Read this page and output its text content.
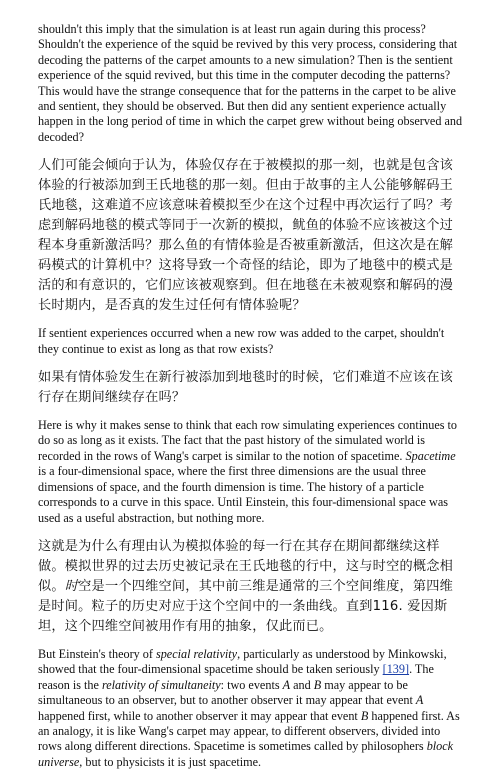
shouldn't this imply that the simulation is at least run again during this process? Shouldn't the experience of the squid be revived by this very process, considering that decoding the patterns of the carpet amounts to a new simulation? Then is the sentient experience of the squid revived, but this time in the computer decoding the patterns? This would have the strange consequence that for the patterns in the carpet to be alive and sentient, they should be observed. But then did any sentient experience actually happen in the long period of time in which the carpet grew without being observed and decoded?

人们可能会倾向于认为，体验仅存在于被模拟的那一刻，也就是包含该体验的行被添加到王氏地毯的那一刻。但由于故事的主人公能够解码王氏地毯，这难道不应该意味着模拟至少在这个过程中再次运行了吗？考虑到解码地毯的模式等同于一次新的模拟，鱿鱼的体验不应该被这个过程本身重新激活吗？那么鱼的有情体验是否被重新激活，但这次是在解码模式的计算机中？这将导致一个奇怪的结论，即为了地毯中的模式是活的和有意识的，它们应该被观察到。但在地毯在未被观察和解码的漫长时期内，是否真的发生过任何有情体验呢？

If sentient experiences occurred when a new row was added to the carpet, shouldn't they continue to exist as long as that row exists?

如果有情体验发生在新行被添加到地毯时的时候，它们难道不应该在该行存在期间继续存在吗？

Here is why it makes sense to think that each row simulating experiences continues to do so as long as it exists. The fact that the past history of the simulated world is recorded in the rows of Wang's carpet is similar to the notion of spacetime. Spacetime is a four-dimensional space, where the first three dimensions are the usual three dimensions of space, and the fourth dimension is time. The history of a particle corresponds to a curve in this space. Until Einstein, this four-dimensional space was used as a useful abstraction, but nothing more.

这就是为什么有理由认为模拟体验的每一行在其存在期间都继续这样做。模拟世界的过去历史被记录在王氏地毯的行中，这与时空的概念相似。时空是一个四维空间，其中前三维是通常的三个空间维度，第四维是时间。粒子的历史对应于这个空间中的一条曲线。直到116. 爱因斯坦，这个四维空间被用作有用的抽象，仅此而已。

But Einstein's theory of special relativity, particularly as understood by Minkowski, showed that the four-dimensional spacetime should be taken seriously [139]. The reason is the relativity of simultaneity: two events A and B may appear to be simultaneous to an observer, but to another observer it may appear that event A happened first, while to another observer it may appear that event B happened first. As an analogy, it is like Wang's carpet may appear, to different observers, divided into rows along different directions. Spacetime is sometimes called by philosophers block universe, but to physicists it is just spacetime.
